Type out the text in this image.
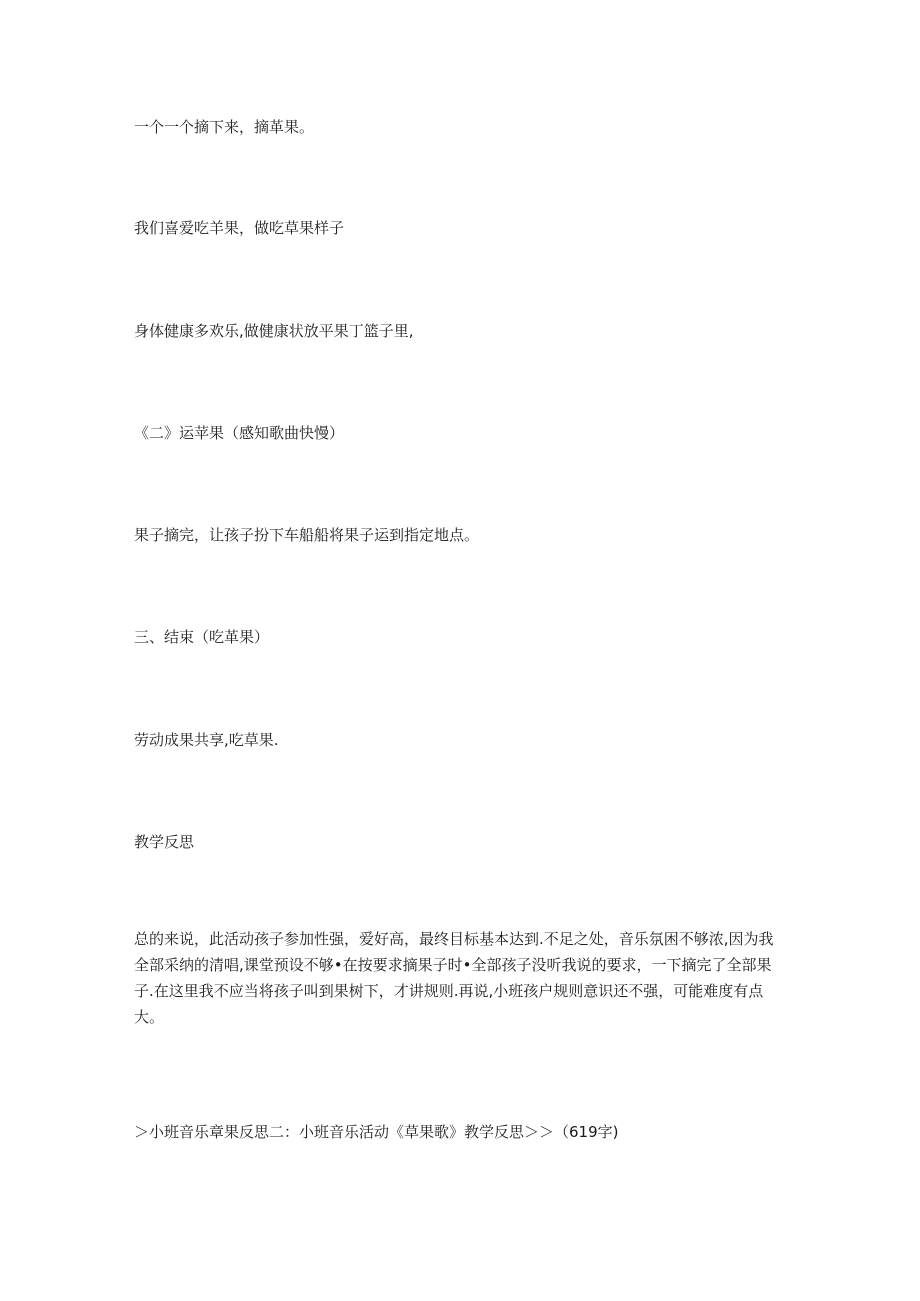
一个一个摘下来，摘革果。
我们喜爱吃羊果，做吃草果样子
身体健康多欢乐,做健康状放平果丁篮子里,
《二》运苹果（感知歌曲快慢）
果子摘完，让孩子扮下车船船将果子运到指定地点。
三、结束（吃革果）
劳动成果共享,吃草果.
教学反思
总的来说，此活动孩子参加性强，爱好高，最终目标基本达到.不足之处，音乐氛困不够浓,因为我全部采纳的清唱,课堂预设不够•在按要求摘果子时•全部孩子没听我说的要求，一下摘完了全部果子.在这里我不应当将孩子叫到果树下，才讲规则.再说,小班孩户规则意识还不强，可能难度有点大。
＞小班音乐章果反思二：小班音乐活动《草果歌》教学反思＞＞（619字)
